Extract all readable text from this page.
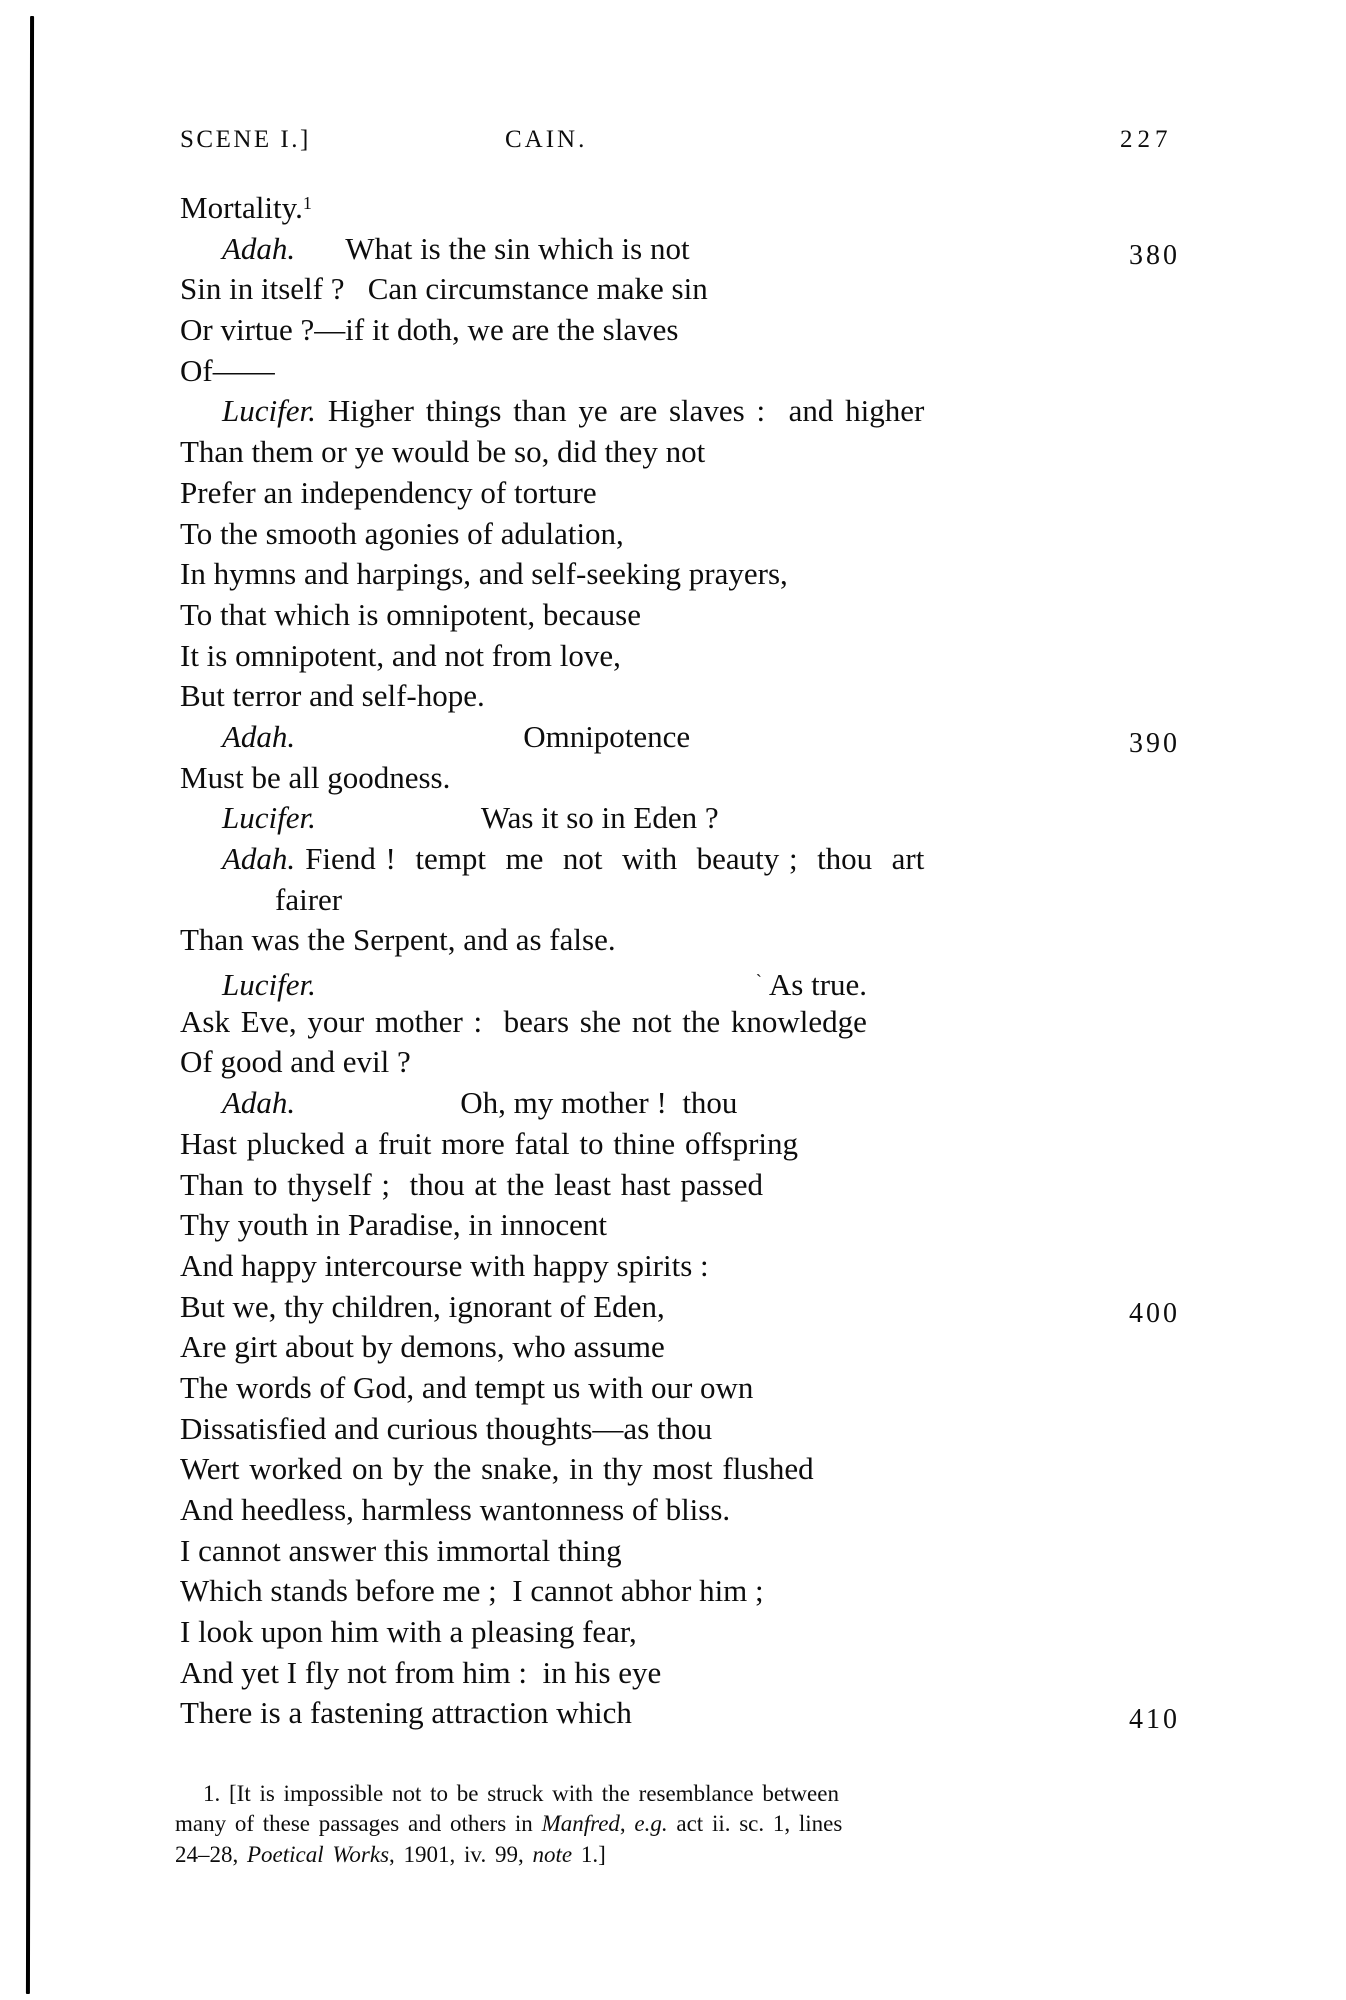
SCENE I.]	CAIN.	227
Mortality.$^1$
Adah. What is the sin which is not	380
Sin in itself ?   Can circumstance make sin
Or virtue ?—if it doth, we are the slaves
Of——
Lucifer. Higher things than ye are slaves :  and higher
Than them or ye would be so, did they not
Prefer an independency of torture
To the smooth agonies of adulation,
In hymns and harpings, and self-seeking prayers,
To that which is omnipotent, because
It is omnipotent, and not from love,
But terror and self-hope.
Adah.	Omnipotence	390
Must be all goodness.
Lucifer.	Was it so in Eden ?
Adah. Fiend !  tempt  me  not  with  beauty ;  thou  art
fairer
Than was the Serpent, and as false.
Lucifer.	$^ˋ$ As true.
Ask Eve, your mother :  bears she not the knowledge
Of good and evil ?
Adah.	Oh, my mother !  thou
Hast plucked a fruit more fatal to thine offspring
Than to thyself ;  thou at the least hast passed
Thy youth in Paradise, in innocent
And happy intercourse with happy spirits :
But we, thy children, ignorant of Eden,	400
Are girt about by demons, who assume
The words of God, and tempt us with our own
Dissatisfied and curious thoughts—as thou
Wert worked on by the snake, in thy most flushed
And heedless, harmless wantonness of bliss.
I cannot answer this immortal thing
Which stands before me ;  I cannot abhor him ;
I look upon him with a pleasing fear,
And yet I fly not from him :  in his eye
There is a fastening attraction which	410
1. [It is impossible not to be struck with the resemblance between
many of these passages and others in Manfred, e.g. act ii. sc. 1, lines
24–28, Poetical Works, 1901, iv. 99, note 1.]
